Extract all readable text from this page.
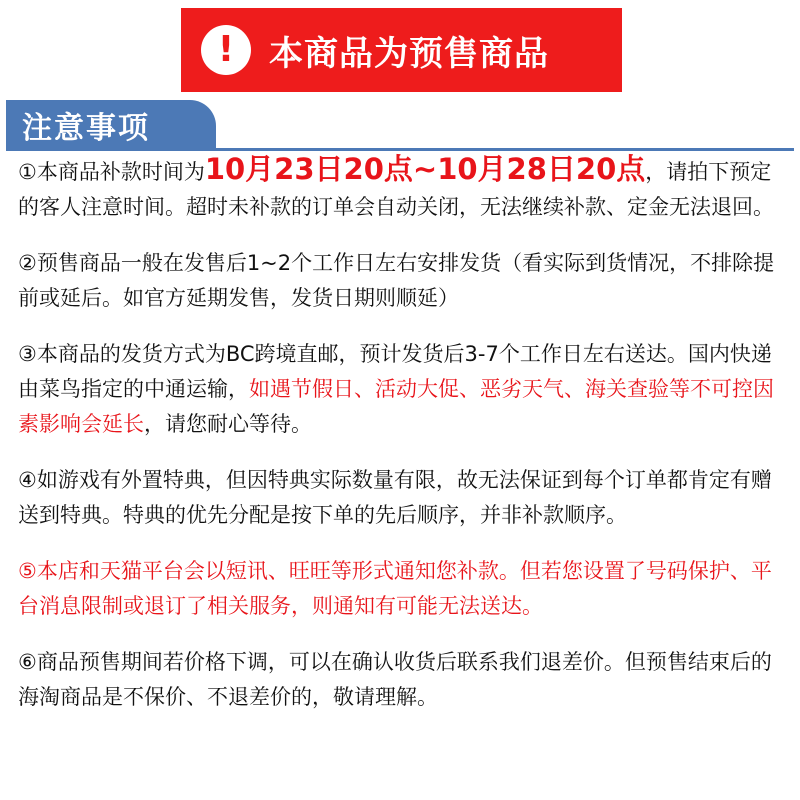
!	本商品为预售商品
注意事项

①本商品补款时间为10月23日20点~10月28日20点，请拍下预定的客人注意时间。超时未补款的订单会自动关闭，无法继续补款、定金无法退回。

②预售商品一般在发售后1~2个工作日左右安排发货（看实际到货情况，不排除提前或延后。如官方延期发售，发货日期则顺延）

③本商品的发货方式为BC跨境直邮，预计发货后3-7个工作日左右送达。国内快递由菜鸟指定的中通运输，如遇节假日、活动大促、恶劣天气、海关查验等不可控因素影响会延长，请您耐心等待。

④如游戏有外置特典，但因特典实际数量有限，故无法保证到每个订单都肯定有赠送到特典。特典的优先分配是按下单的先后顺序，并非补款顺序。

⑤本店和天猫平台会以短讯、旺旺等形式通知您补款。但若您设置了号码保护、平台消息限制或退订了相关服务，则通知有可能无法送达。

⑥商品预售期间若价格下调，可以在确认收货后联系我们退差价。但预售结束后的海淘商品是不保价、不退差价的，敬请理解。
